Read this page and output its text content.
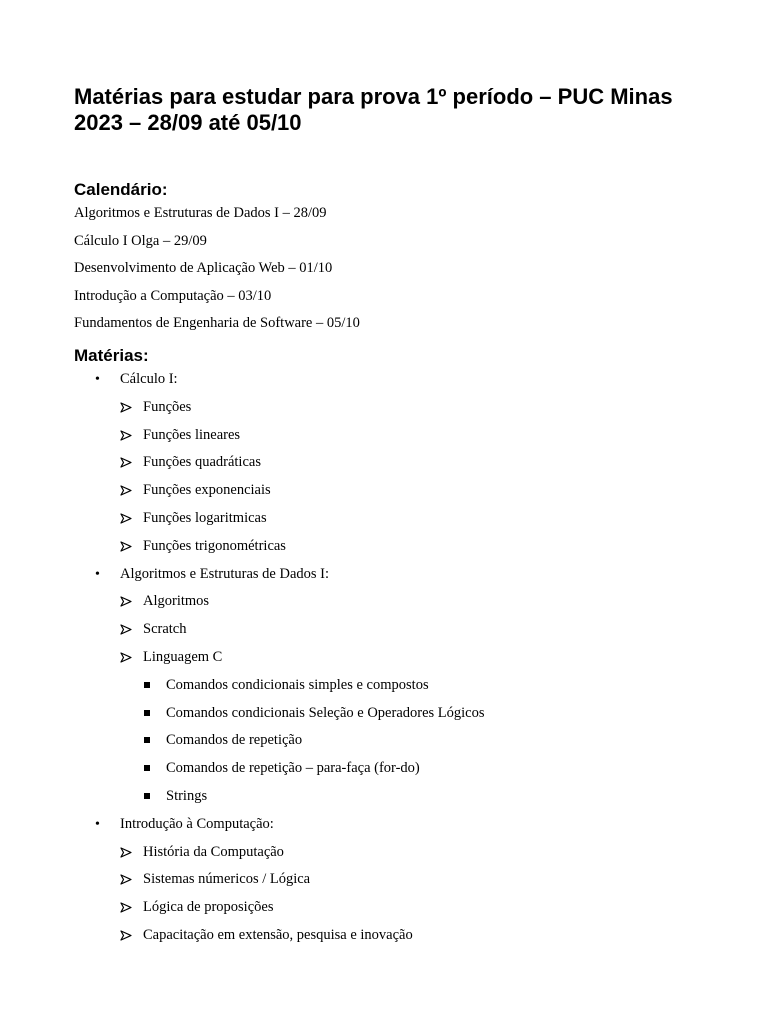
Matérias para estudar para prova 1º período – PUC Minas 2023 – 28/09 até 05/10
Calendário:

Algoritmos e Estruturas de Dados I – 28/09

Cálculo I Olga – 29/09

Desenvolvimento de Aplicação Web – 01/10

Introdução a Computação – 03/10

Fundamentos de Engenharia de Software – 05/10

Matérias:
• Cálculo I:
Funções
Funções lineares
Funções quadráticas
Funções exponenciais
Funções logaritmicas
Funções trigonométricas
• Algoritmos e Estruturas de Dados I:
Algoritmos
Scratch
Linguagem C
Comandos condicionais simples e compostos
Comandos condicionais Seleção e Operadores Lógicos
Comandos de repetição
Comandos de repetição – para-faça (for-do)
Strings
• Introdução à Computação:
História da Computação
Sistemas númericos / Lógica
Lógica de proposições
Capacitação em extensão, pesquisa e inovação
